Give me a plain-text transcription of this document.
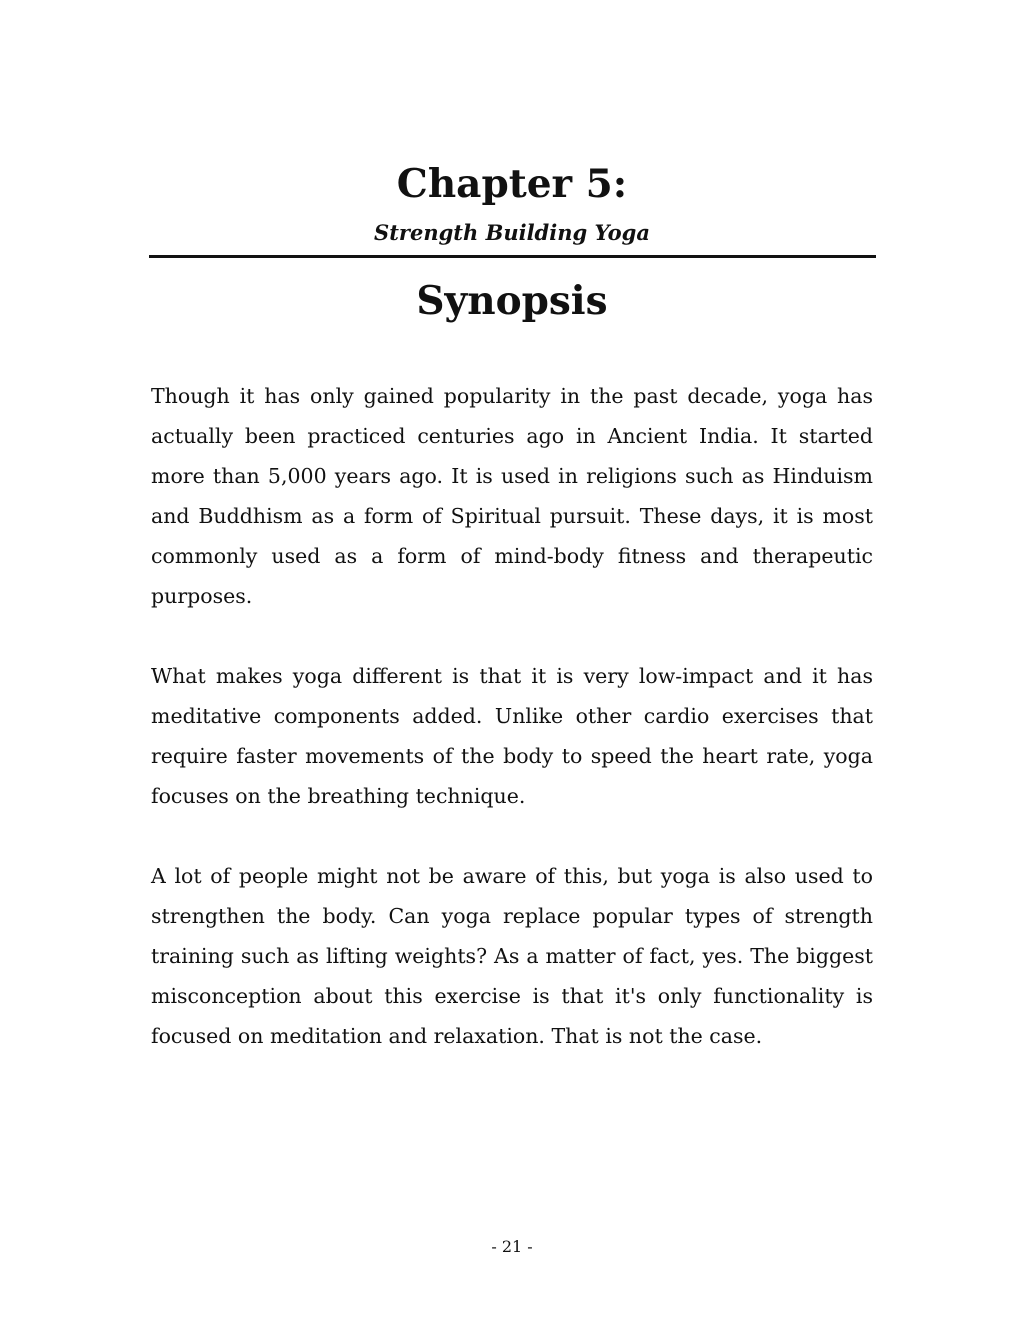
Chapter 5:
Strength Building Yoga
Synopsis

Though it has only gained popularity in the past decade, yoga has actually been practiced centuries ago in Ancient India. It started more than 5,000 years ago. It is used in religions such as Hinduism and Buddhism as a form of Spiritual pursuit. These days, it is most commonly used as a form of mind-body fitness and therapeutic purposes.

What makes yoga different is that it is very low-impact and it has meditative components added. Unlike other cardio exercises that require faster movements of the body to speed the heart rate, yoga focuses on the breathing technique.

A lot of people might not be aware of this, but yoga is also used to strengthen the body. Can yoga replace popular types of strength training such as lifting weights? As a matter of fact, yes. The biggest misconception about this exercise is that it's only functionality is focused on meditation and relaxation. That is not the case.

- 21 -
